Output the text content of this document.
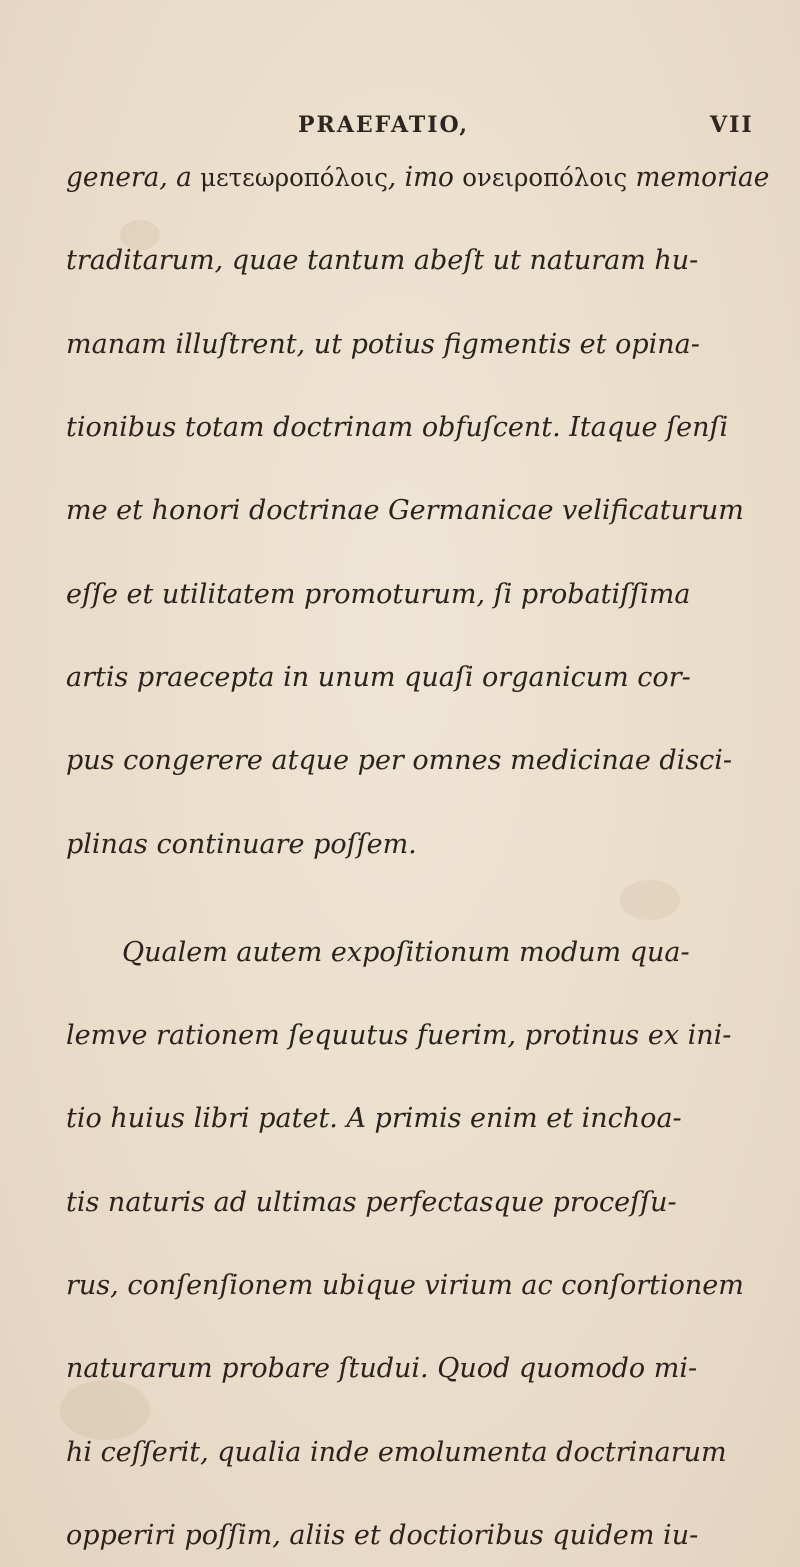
PRAEFATIO,	VII
genera, a μετεωροπόλοις, imo ονειροπόλοις memoriae
traditarum, quae tantum abeſt ut naturam hu-
manam illuſtrent, ut potius figmentis et opina-
tionibus totam doctrinam obfuſcent. Itaque ſenſi
me et honori doctrinae Germanicae velificaturum
eſſe et utilitatem promoturum, ſi probatiſſima
artis praecepta in unum quaſi organicum cor-
pus congerere atque per omnes medicinae disci-
plinas continuare poſſem.
Qualem autem expoſitionum modum qua-
lemve rationem ſequutus fuerim, protinus ex ini-
tio huius libri patet. A primis enim et inchoa-
tis naturis ad ultimas perfectasque proceſſu-
rus, conſenſionem ubique virium ac conſortionem
naturarum probare ſtudui. Quod quomodo mi-
hi ceſſerit, qualia inde emolumenta doctrinarum
opperiri poſſim, aliis et doctioribus quidem iu-
